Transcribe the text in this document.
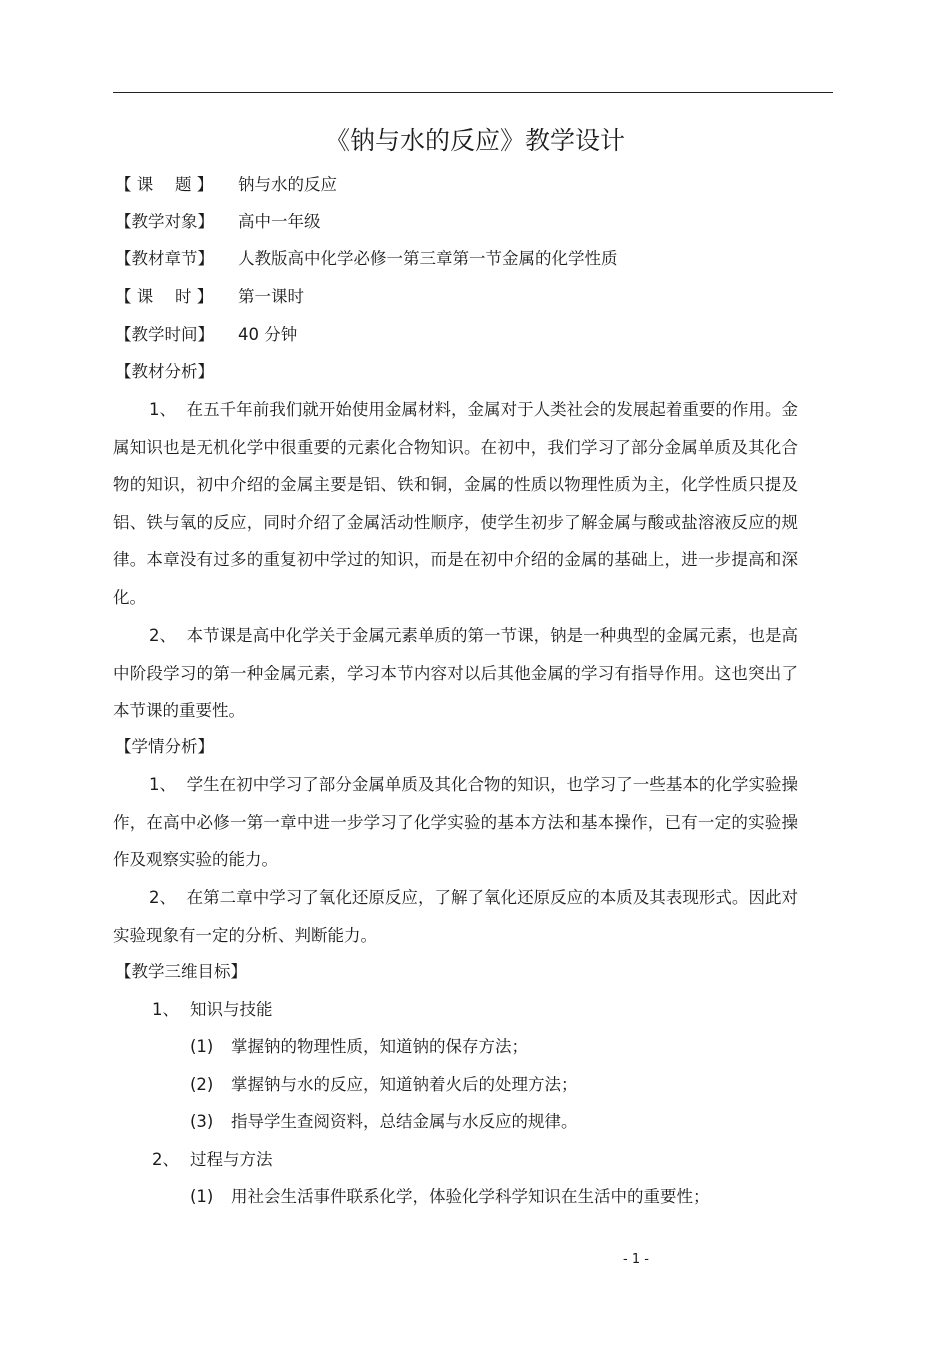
《钠与水的反应》教学设计
【 课　 题 】 钠与水的反应
【教学对象】 高中一年级
【教材章节】 人教版高中化学必修一第三章第一节金属的化学性质
【 课　 时 】 第一课时
【教学时间】 40 分钟
【教材分析】
1、 在五千年前我们就开始使用金属材料，金属对于人类社会的发展起着重要的作用。金属知识也是无机化学中很重要的元素化合物知识。在初中，我们学习了部分金属单质及其化合物的知识，初中介绍的金属主要是铝、铁和铜，金属的性质以物理性质为主，化学性质只提及铝、铁与氧的反应，同时介绍了金属活动性顺序，使学生初步了解金属与酸或盐溶液反应的规律。本章没有过多的重复初中学过的知识，而是在初中介绍的金属的基础上，进一步提高和深化。
2、 本节课是高中化学关于金属元素单质的第一节课，钠是一种典型的金属元素，也是高中阶段学习的第一种金属元素，学习本节内容对以后其他金属的学习有指导作用。这也突出了本节课的重要性。
【学情分析】
1、 学生在初中学习了部分金属单质及其化合物的知识，也学习了一些基本的化学实验操作，在高中必修一第一章中进一步学习了化学实验的基本方法和基本操作，已有一定的实验操作及观察实验的能力。
2、 在第二章中学习了氧化还原反应，了解了氧化还原反应的本质及其表现形式。因此对实验现象有一定的分析、判断能力。
【教学三维目标】
1、 知识与技能
(1) 掌握钠的物理性质，知道钠的保存方法；
(2) 掌握钠与水的反应，知道钠着火后的处理方法；
(3) 指导学生查阅资料，总结金属与水反应的规律。
2、 过程与方法
(1) 用社会生活事件联系化学，体验化学科学知识在生活中的重要性；
- 1 -
